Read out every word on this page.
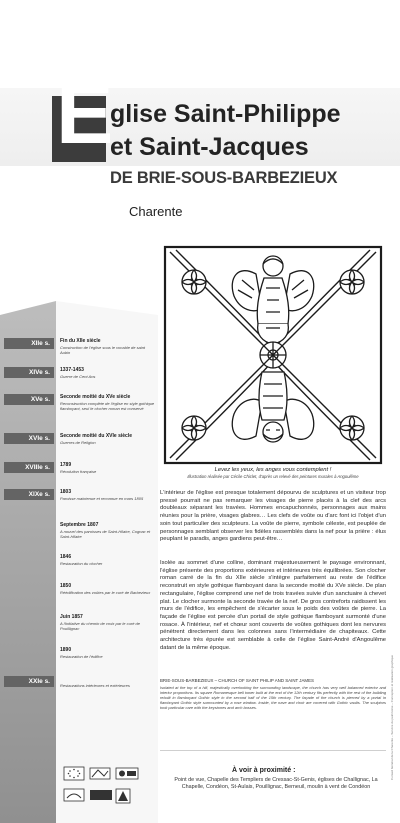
É
glise Saint-Philippe
et Saint-Jacques
DE BRIE-SOUS-BARBEZIEUX

Charente

XIIe s.	Fin du XIIe siècle
Construction de l'église sous le vocable de saint Aubin
XIVe s.	1337-1453
Guerre de Cent Ans
XVe s.	Seconde moitié du XVe siècle
Reconstruction complète de l'église en style gothique flamboyant, seul le clocher roman est conservé
XVIe s.	Seconde moitié du XVIe siècle
Guerres de Religion
XVIIIe s.	1789
Révolution française
XIXe s.	1803
Paroisse maintenue et reconnue en mars 1805
Septembre 1807
A nouvel des paroisses de Saint-Hilaire, Cognac et Saint-Hilaire
1846
Restauration du clocher
1850
Réédification des voûtes par le curé de Barbezieux
Juin 1857
A l'initiative du chemin de croix par le curé de Pouillignac
1890
Restauration de l'édifice
XXIe s.
Restaurations intérieures et extérieures

Levez les yeux, les anges vous contemplent !

Illustration réalisée par Cécile Chiclet, d'après un relevé des peintures murales à Angoulême

L'intérieur de l'église est presque totalement dépourvu de sculptures et un visiteur trop pressé pourrait ne pas remarquer les visages de pierre placés à la clef des arcs doubleaux séparant les travées. Hommes encapuchonnés, personnages aux mains réunies pour la prière, visages glabres… Les clefs de voûte ou d'arc font ici l'objet d'un soin tout particulier des sculpteurs. La voûte de pierre, symbole céleste, est peuplée de personnages semblant observer les fidèles rassemblés dans la nef pour la prière : élus peuplant le paradis, anges gardiens peut-être…

Isolée au sommet d'une colline, dominant majestueusement le paysage environnant, l'église présente des proportions extérieures et intérieures très équilibrées. Son clocher roman carré de la fin du XIIe siècle s'intègre parfaitement au reste de l'édifice reconstruit en style gothique flamboyant dans la seconde moitié du XVe siècle. De plan rectangulaire, l'église comprend une nef de trois travées suivie d'un sanctuaire à chevet plat. Le clocher surmonte la seconde travée de la nef. De gros contreforts raidissent les murs de l'édifice, les empêchent de s'écarter sous le poids des voûtes de pierre. La façade de l'église est percée d'un portail de style gothique flamboyant surmonté d'une rosace. À l'intérieur, nef et chœur sont couverts de voûtes gothiques dont les nervures pénètrent directement dans les colonnes sans l'intermédiaire de chapiteaux. Cette architecture très épurée est semblable à celle de l'église Saint-André d'Angoulême datant de la même époque.

BRIE-SOUS-BARBEZIEUX – CHURCH OF SAINT PHILIP AND SAINT JAMES

Isolated at the top of a hill, majestically overlooking the surrounding landscape, the church has very well balanced exterior and interior proportions. Its square Romanesque bell tower built at the end of the 12th century fits perfectly with the rest of the building rebuilt in flamboyant Gothic style in the second half of the 15th century. The façade of the church is pierced by a portal in flamboyant Gothic style surmounted by a rose window. Inside, the nave and choir are covered with Gothic vaults. The sculptors took particular care with the keystones and arch bosses.	Conseil Général de la Charente – Service du patrimoine – Conception et réalisation graphique

À voir à proximité :

Point de vue, Chapelle des Templiers de Cressac-St-Genis, églises de Challignac, La Chapelle, Condéon, St-Aulais, Pouillignac, Berneuil, moulin à vent de Condéon
